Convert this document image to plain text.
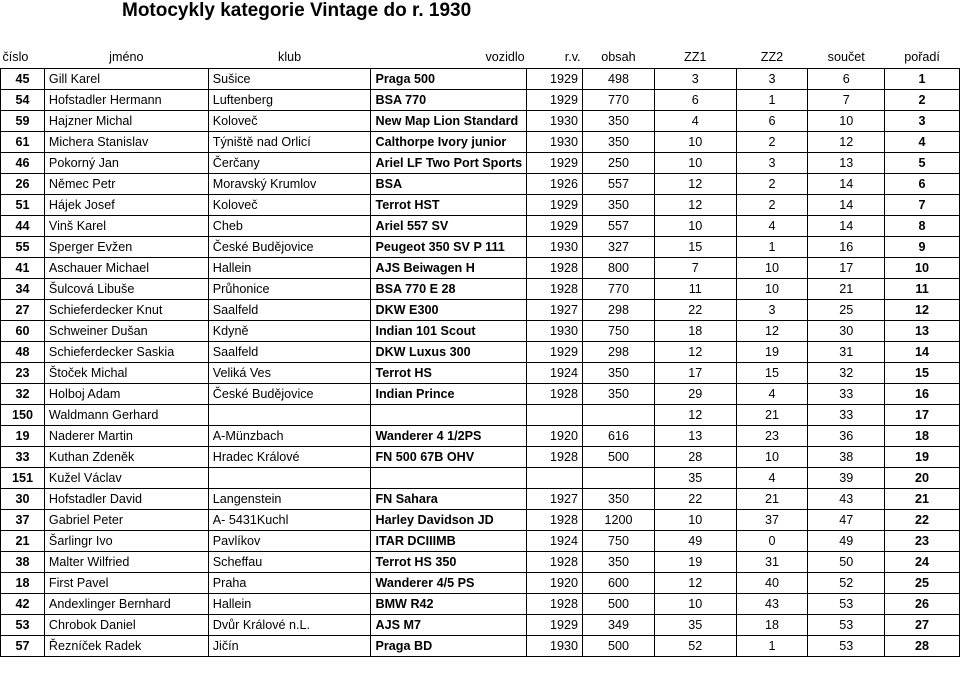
Motocykly kategorie Vintage do r. 1930
číslo	jméno	klub	vozidlo	r.v.	obsah	ZZ1	ZZ2	součet	pořadí
45	Gill Karel	Sušice	Praga 500	1929	498	3	3	6	1
54	Hofstadler Hermann	Luftenberg	BSA 770	1929	770	6	1	7	2
59	Hajzner Michal	Koloveč	New Map Lion Standard	1930	350	4	6	10	3
61	Michera Stanislav	Týniště nad Orlicí	Calthorpe Ivory junior	1930	350	10	2	12	4
46	Pokorný Jan	Čerčany	Ariel LF Two Port Sports	1929	250	10	3	13	5
26	Němec Petr	Moravský Krumlov	BSA	1926	557	12	2	14	6
51	Hájek Josef	Koloveč	Terrot HST	1929	350	12	2	14	7
44	Vinš Karel	Cheb	Ariel 557 SV	1929	557	10	4	14	8
55	Sperger Evžen	České Budějovice	Peugeot 350 SV P 111	1930	327	15	1	16	9
41	Aschauer Michael	Hallein	AJS Beiwagen H	1928	800	7	10	17	10
34	Šulcová Libuše	Průhonice	BSA 770 E 28	1928	770	11	10	21	11
27	Schieferdecker Knut	Saalfeld	DKW E300	1927	298	22	3	25	12
60	Schweiner Dušan	Kdyně	Indian 101 Scout	1930	750	18	12	30	13
48	Schieferdecker Saskia	Saalfeld	DKW Luxus 300	1929	298	12	19	31	14
23	Štoček Michal	Veliká Ves	Terrot HS	1924	350	17	15	32	15
32	Holboj Adam	České Budějovice	Indian Prince	1928	350	29	4	33	16
150	Waldmann Gerhard					12	21	33	17
19	Naderer Martin	A-Münzbach	Wanderer 4 1/2PS	1920	616	13	23	36	18
33	Kuthan Zdeněk	Hradec Králové	FN 500 67B OHV	1928	500	28	10	38	19
151	Kužel Václav					35	4	39	20
30	Hofstadler David	Langenstein	FN Sahara	1927	350	22	21	43	21
37	Gabriel Peter	A- 5431Kuchl	Harley Davidson JD	1928	1200	10	37	47	22
21	Šarlingr Ivo	Pavlíkov	ITAR DCIIIMB	1924	750	49	0	49	23
38	Malter Wilfried	Scheffau	Terrot HS 350	1928	350	19	31	50	24
18	First Pavel	Praha	Wanderer 4/5 PS	1920	600	12	40	52	25
42	Andexlinger Bernhard	Hallein	BMW R42	1928	500	10	43	53	26
53	Chrobok Daniel	Dvůr Králové n.L.	AJS M7	1929	349	35	18	53	27
57	Řezníček Radek	Jičín	Praga BD	1930	500	52	1	53	28
